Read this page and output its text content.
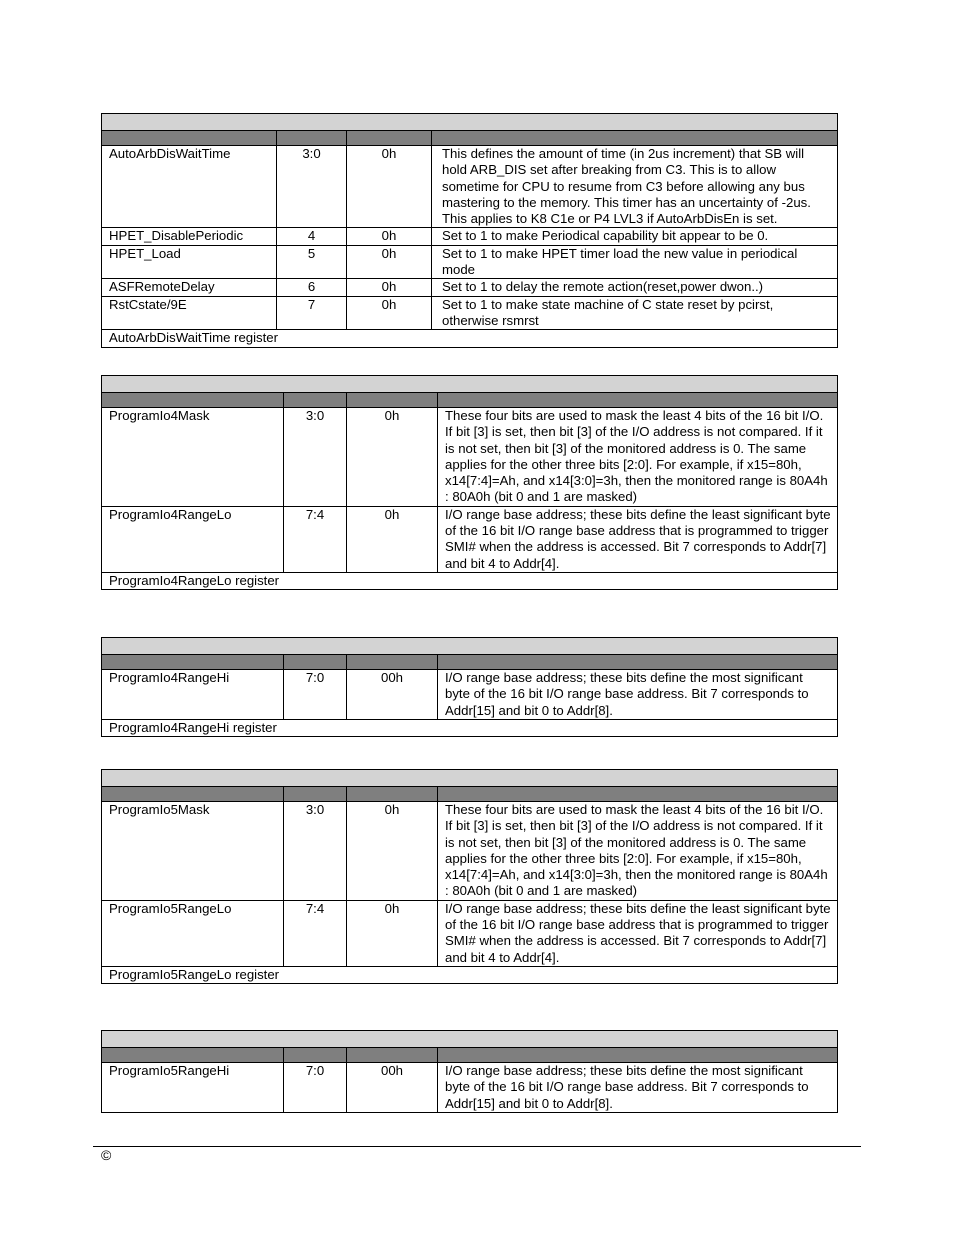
AutoArbDisWaitTime	3:0	0h	This defines the amount of time (in 2us increment) that SB will hold ARB_DIS set after breaking from C3. This is to allow sometime for CPU to resume from C3 before allowing any bus mastering to the memory. This timer has an uncertainty of -2us. This applies to K8 C1e or P4 LVL3 if AutoArbDisEn is set.
HPET_DisablePeriodic	4	0h	Set to 1 to make Periodical capability bit appear to be 0.
HPET_Load	5	0h	Set to 1 to make HPET timer load the new value in periodical mode
ASFRemoteDelay	6	0h	Set to 1 to delay the remote action(reset,power dwon..)
RstCstate/9E	7	0h	Set to 1 to make state machine of C state reset by pcirst, otherwise rsmrst
AutoArbDisWaitTime register			

ProgramIo4Mask	3:0	0h	These four bits are used to mask the least 4 bits of the 16 bit I/O. If bit [3] is set, then bit [3] of the I/O address is not compared. If it is not set, then bit [3] of the monitored address is 0. The same applies for the other three bits [2:0]. For example, if x15=80h, x14[7:4]=Ah, and x14[3:0]=3h, then the monitored range is 80A4h : 80A0h (bit 0 and 1 are masked)
ProgramIo4RangeLo	7:4	0h	I/O range base address; these bits define the least significant byte of the 16 bit I/O range base address that is programmed to trigger SMI# when the address is accessed. Bit 7 corresponds to Addr[7] and bit 4 to Addr[4].
ProgramIo4RangeLo register			

ProgramIo4RangeHi	7:0	00h	I/O range base address; these bits define the most significant byte of the 16 bit I/O range base address. Bit 7 corresponds to Addr[15] and bit 0 to Addr[8].
ProgramIo4RangeHi register			

ProgramIo5Mask	3:0	0h	These four bits are used to mask the least 4 bits of the 16 bit I/O. If bit [3] is set, then bit [3] of the I/O address is not compared. If it is not set, then bit [3] of the monitored address is 0. The same applies for the other three bits [2:0]. For example, if x15=80h, x14[7:4]=Ah, and x14[3:0]=3h, then the monitored range is 80A4h : 80A0h (bit 0 and 1 are masked)
ProgramIo5RangeLo	7:4	0h	I/O range base address; these bits define the least significant byte of the 16 bit I/O range base address that is programmed to trigger SMI# when the address is accessed. Bit 7 corresponds to Addr[7] and bit 4 to Addr[4].
ProgramIo5RangeLo register			

ProgramIo5RangeHi	7:0	00h	I/O range base address; these bits define the most significant byte of the 16 bit I/O range base address. Bit 7 corresponds to Addr[15] and bit 0 to Addr[8].
©
